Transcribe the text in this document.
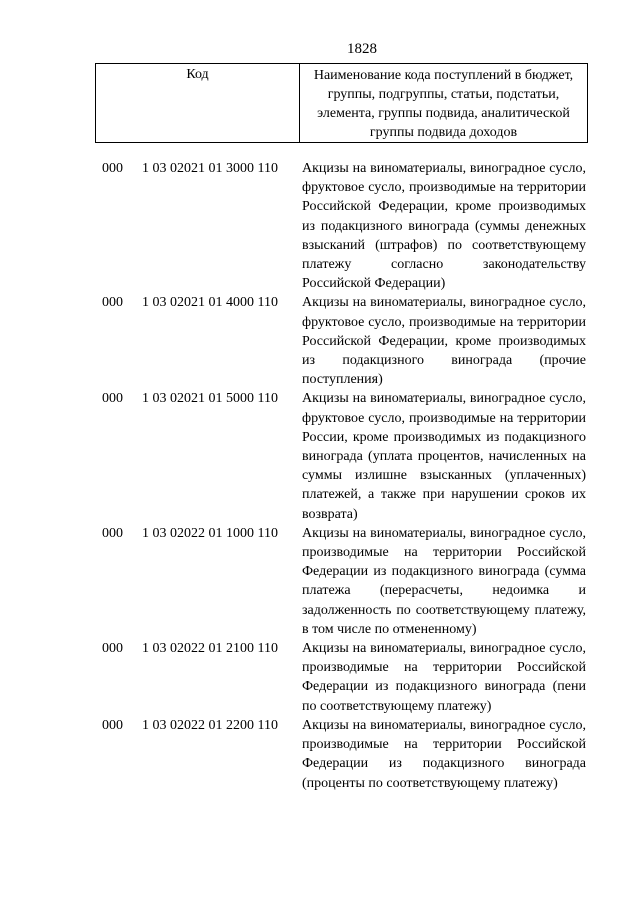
1828
Код	Наименование кода поступлений в бюджет, группы, подгруппы, статьи, подстатьи, элемента, группы подвида, аналитической группы подвида доходов
000 1 03 02021 01 3000 110 Акцизы на виноматериалы, виноградное сусло, фруктовое сусло, производимые на территории Российской Федерации, кроме производимых из подакцизного винограда (суммы денежных взысканий (штрафов) по соответствующему платежу согласно законодательству Российской Федерации)
000 1 03 02021 01 4000 110 Акцизы на виноматериалы, виноградное сусло, фруктовое сусло, производимые на территории Российской Федерации, кроме производимых из подакцизного винограда (прочие поступления)
000 1 03 02021 01 5000 110 Акцизы на виноматериалы, виноградное сусло, фруктовое сусло, производимые на территории России, кроме производимых из подакцизного винограда (уплата процентов, начисленных на суммы излишне взысканных (уплаченных) платежей, а также при нарушении сроков их возврата)
000 1 03 02022 01 1000 110 Акцизы на виноматериалы, виноградное сусло, производимые на территории Российской Федерации из подакцизного винограда (сумма платежа (перерасчеты, недоимка и задолженность по соответствующему платежу, в том числе по отмененному)
000 1 03 02022 01 2100 110 Акцизы на виноматериалы, виноградное сусло, производимые на территории Российской Федерации из подакцизного винограда (пени по соответствующему платежу)
000 1 03 02022 01 2200 110 Акцизы на виноматериалы, виноградное сусло, производимые на территории Российской Федерации из подакцизного винограда (проценты по соответствующему платежу)
